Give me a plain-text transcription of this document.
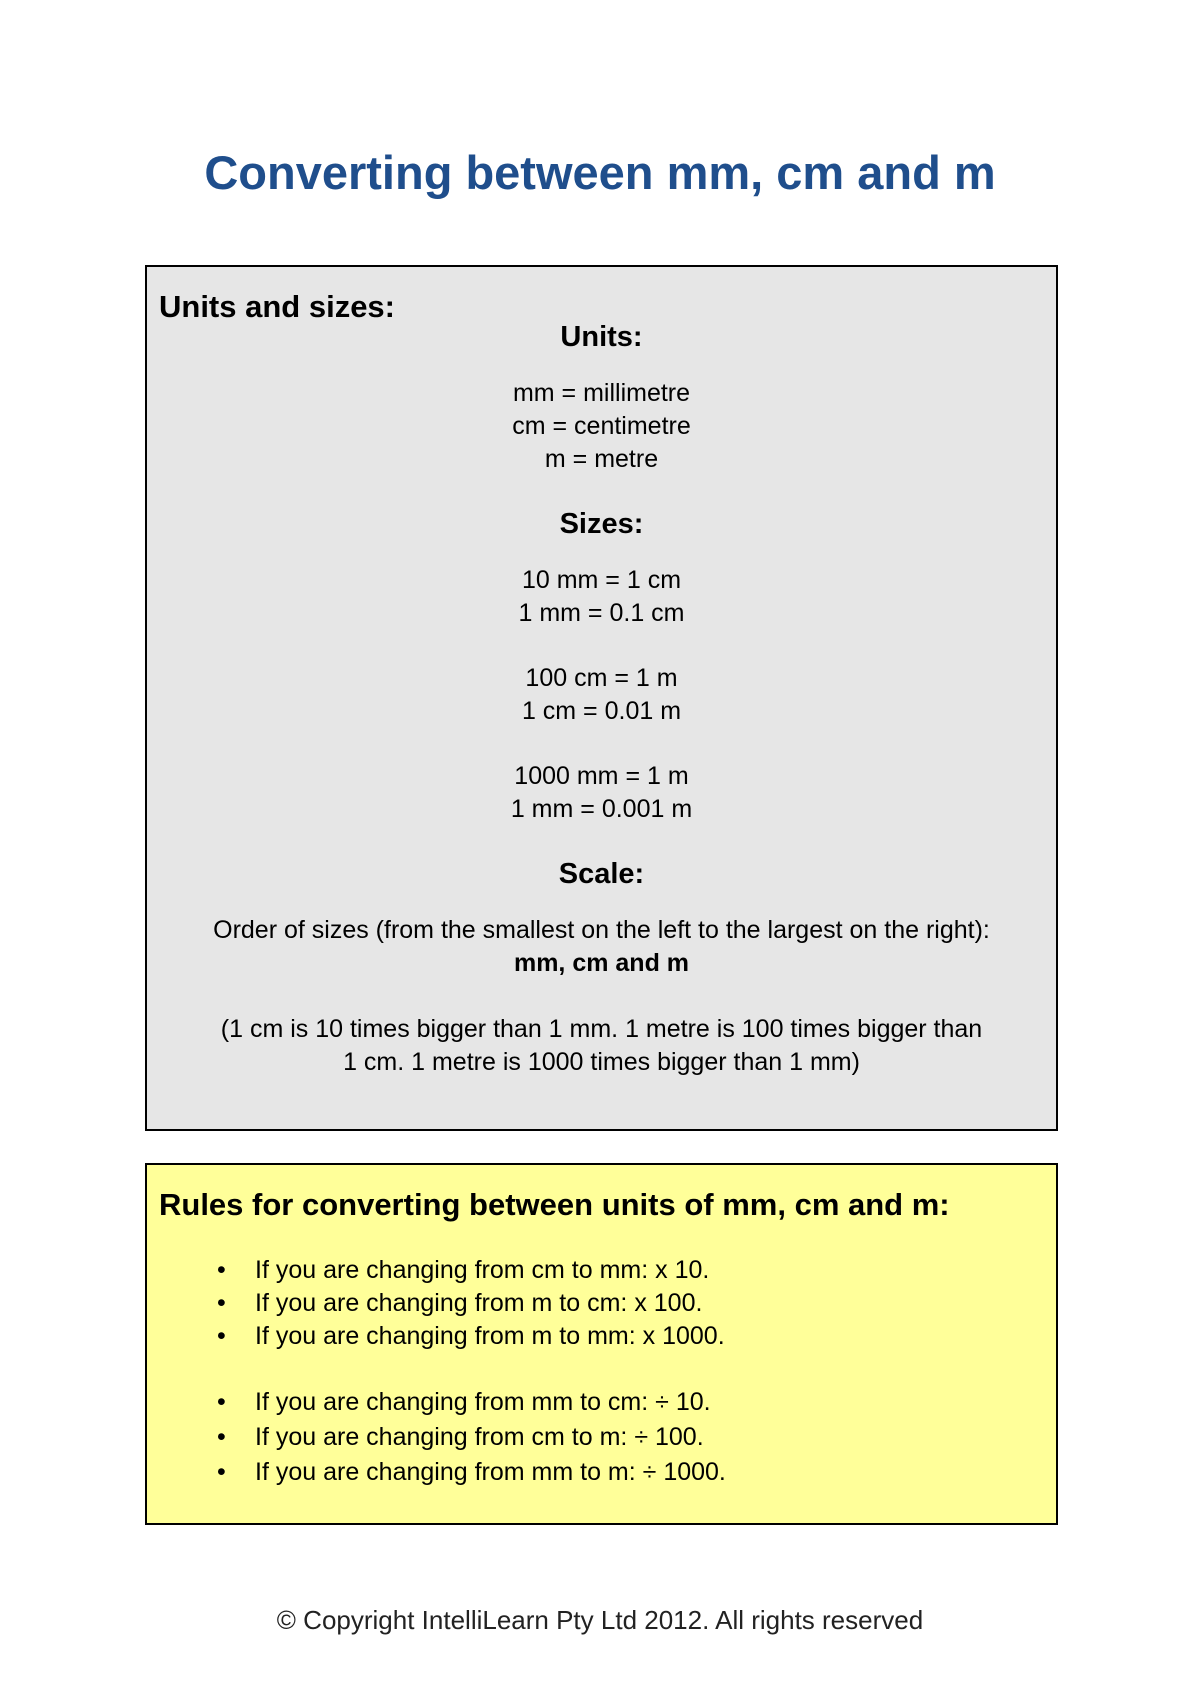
Converting between mm, cm and m
Units and sizes:

Units:

mm = millimetre

cm = centimetre

m = metre

Sizes:

10 mm = 1 cm

1 mm = 0.1 cm

100 cm = 1 m

1 cm = 0.01 m

1000 mm = 1 m

1 mm = 0.001 m

Scale:

Order of sizes (from the smallest on the left to the largest on the right):

mm, cm and m

(1 cm is 10 times bigger than 1 mm. 1 metre is 100 times bigger than

1 cm. 1 metre is 1000 times bigger than 1 mm)

Rules for converting between units of mm, cm and m:
• If you are changing from cm to mm: x 10.
• If you are changing from m to cm: x 100.
• If you are changing from m to mm: x 1000.
• If you are changing from mm to cm: ÷ 10.
• If you are changing from cm to m: ÷ 100.
• If you are changing from mm to m: ÷ 1000.
© Copyright IntelliLearn Pty Ltd 2012. All rights reserved
